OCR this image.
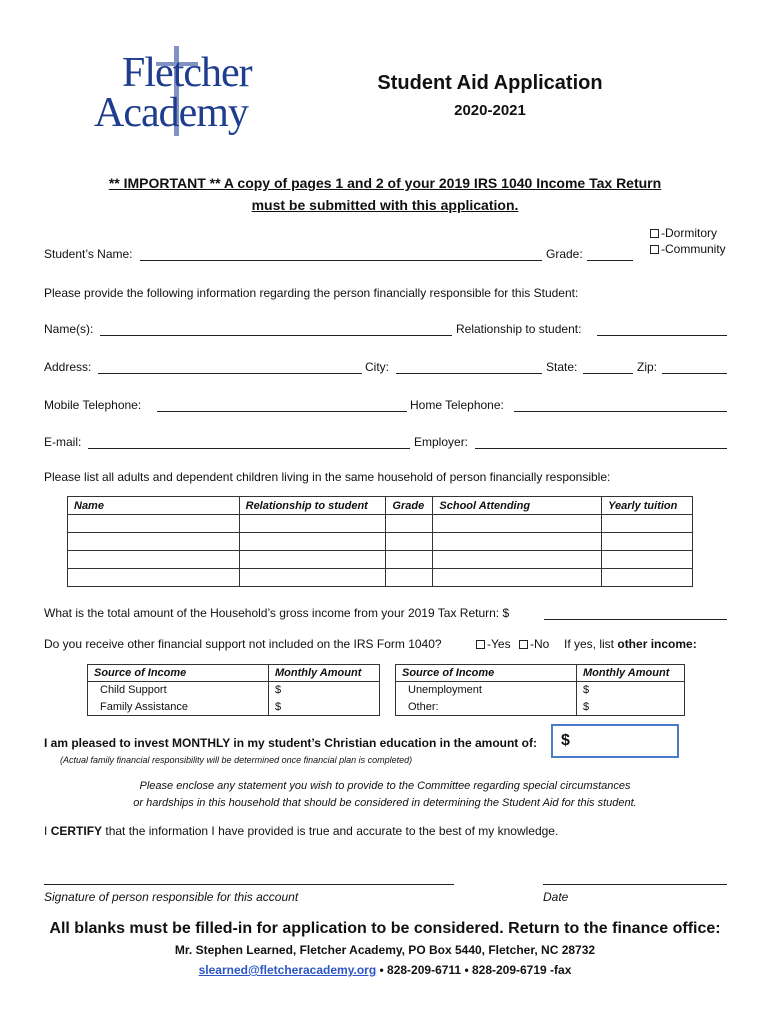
Fletcher
Academy
Student Aid Application
2020-2021
** IMPORTANT ** A copy of pages 1 and 2 of your 2019 IRS 1040 Income Tax Return
must be submitted with this application.
Student’s Name:	Grade:
-Dormitory
-Community
Please provide the following information regarding the person financially responsible for this Student:
Name(s):	Relationship to student:
Address:	City:	State:	Zip:
Mobile Telephone:	Home Telephone:
E-mail:	Employer:
Please list all adults and dependent children living in the same household of person financially responsible:
Name	Relationship to student	Grade	School Attending	Yearly tuition

What is the total amount of the Household’s gross income from your 2019 Tax Return: $
Do you receive other financial support not included on the IRS Form 1040?	-Yes	-No If yes, list other income:
Source of Income	Monthly Amount
Child Support	$
Family Assistance	$
Source of Income	Monthly Amount
Unemployment	$
Other:	$
I am pleased to invest MONTHLY in my student’s Christian education in the amount of:
(Actual family financial responsibility will be determined once financial plan is completed)
$
Please enclose any statement you wish to provide to the Committee regarding special circumstances
or hardships in this household that should be considered in determining the Student Aid for this student.
I CERTIFY that the information I have provided is true and accurate to the best of my knowledge.
Signature of person responsible for this account	Date
All blanks must be filled-in for application to be considered. Return to the finance office:
Mr. Stephen Learned, Fletcher Academy, PO Box 5440, Fletcher, NC 28732
slearned@fletcheracademy.org • 828-209-6711 • 828-209-6719 -fax
